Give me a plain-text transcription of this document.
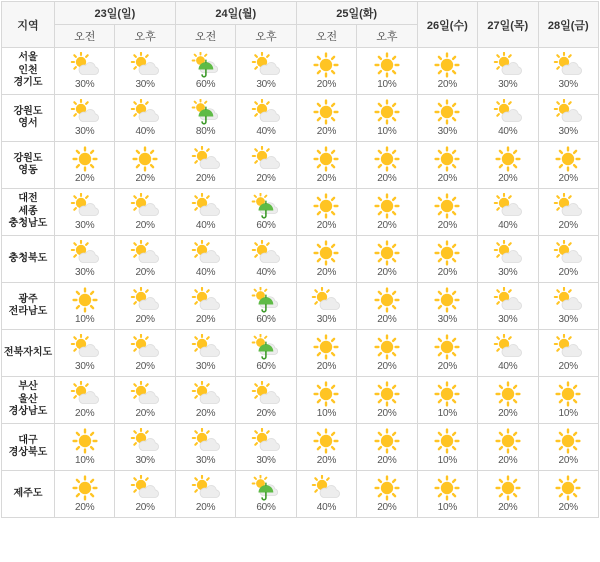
지역	23일(일)		24일(월)		25일(화)		26일(수)	27일(목)	28일(금)
	오전	오후	오전	오후	오전	오후			

서울
인천
경기도	30%	30%	60%	30%	20%	10%	20%	30%	30%

강원도
영서	30%	40%	80%	40%	20%	10%	30%	40%	30%

강원도
영동	20%	20%	20%	20%	20%	20%	20%	20%	20%

대전
세종
충청남도	30%	20%	40%	60%	20%	20%	20%	40%	20%

충청북도	30%	20%	40%	40%	20%	20%	20%	30%	20%

광주
전라남도	10%	20%	20%	60%	30%	20%	30%	30%	30%

전북자치도	30%	20%	30%	60%	20%	20%	20%	40%	20%

부산
울산
경상남도	20%	20%	20%	20%	10%	20%	10%	20%	10%

대구
경상북도	10%	30%	30%	30%	20%	20%	10%	20%	20%

제주도	20%	20%	20%	60%	40%	20%	10%	20%	20%
